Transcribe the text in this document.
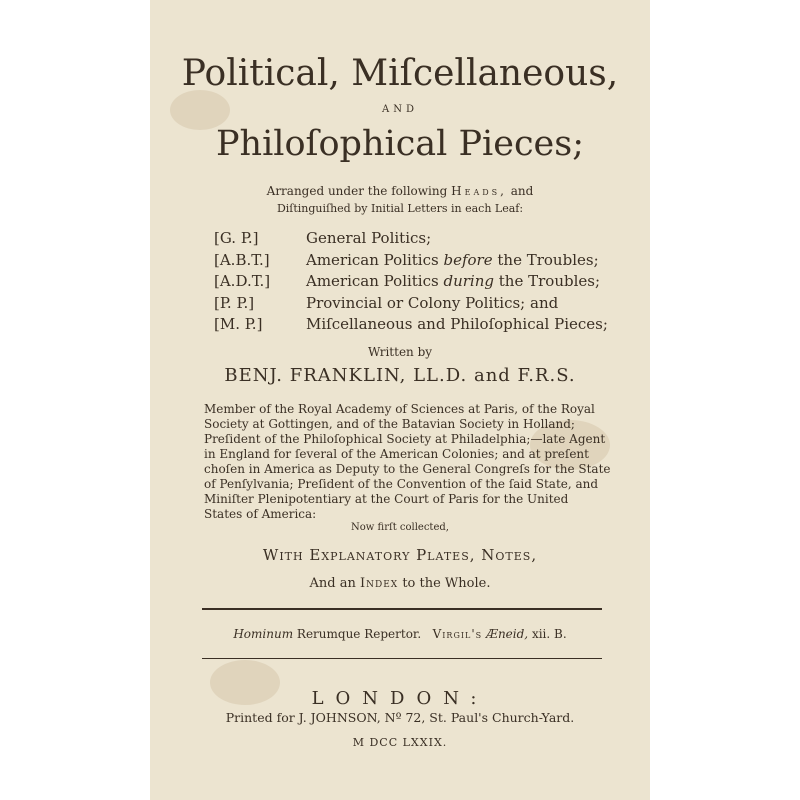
Political, Miſcellaneous,
AND
Philoſophical Pieces;
Arranged under the following Heads, and
Diſtinguiſhed by Initial Letters in each Leaf:
[G. P.]	General Politics;
[A.B.T.] American Politics before the Troubles;
[A.D.T.] American Politics during the Troubles;
[P. P.]	Provincial or Colony Politics; and
[M. P.]	Miſcellaneous and Philoſophical Pieces;
Written by
BENJ. FRANKLIN, LL.D. and F.R.S.
Member of the Royal Academy of Sciences at Paris, of the Royal
Society at Gottingen, and of the Batavian Society in Holland;
Preſident of the Philoſophical Society at Philadelphia;—late Agent
in England for ſeveral of the American Colonies; and at preſent
choſen in America as Deputy to the General Congreſs for the State
of Penſylvania; Preſident of the Convention of the ſaid State, and
Miniſter Plenipotentiary at the Court of Paris for the United
States of America:
Now firſt collected,
With Explanatory Plates, Notes,
And an Index to the Whole.
Hominum Rerumque Repertor. Virgil's Æneid, xii. B.
LONDON:
Printed for J. JOHNSON, Nº 72, St. Paul's Church-Yard.
M DCC LXXIX.
